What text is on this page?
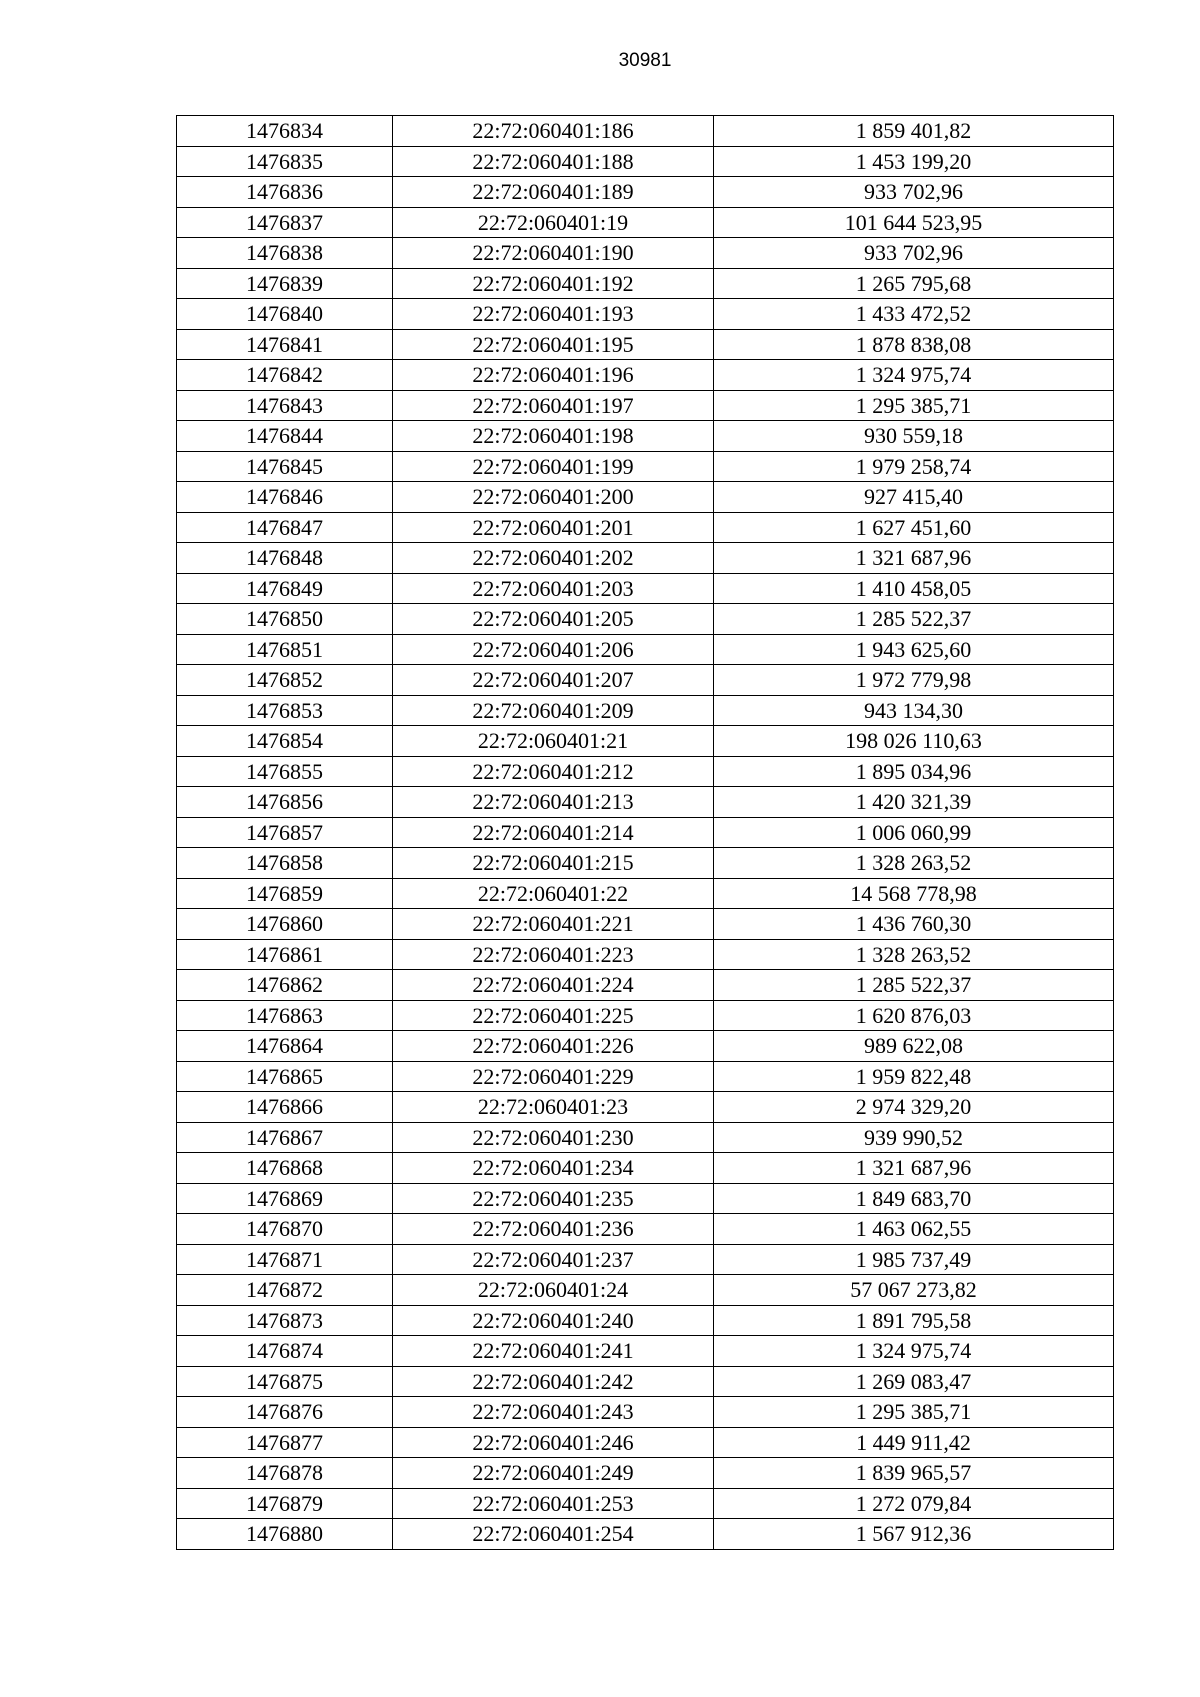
30981
1476834	22:72:060401:186	1 859 401,82
1476835	22:72:060401:188	1 453 199,20
1476836	22:72:060401:189	933 702,96
1476837	22:72:060401:19	101 644 523,95
1476838	22:72:060401:190	933 702,96
1476839	22:72:060401:192	1 265 795,68
1476840	22:72:060401:193	1 433 472,52
1476841	22:72:060401:195	1 878 838,08
1476842	22:72:060401:196	1 324 975,74
1476843	22:72:060401:197	1 295 385,71
1476844	22:72:060401:198	930 559,18
1476845	22:72:060401:199	1 979 258,74
1476846	22:72:060401:200	927 415,40
1476847	22:72:060401:201	1 627 451,60
1476848	22:72:060401:202	1 321 687,96
1476849	22:72:060401:203	1 410 458,05
1476850	22:72:060401:205	1 285 522,37
1476851	22:72:060401:206	1 943 625,60
1476852	22:72:060401:207	1 972 779,98
1476853	22:72:060401:209	943 134,30
1476854	22:72:060401:21	198 026 110,63
1476855	22:72:060401:212	1 895 034,96
1476856	22:72:060401:213	1 420 321,39
1476857	22:72:060401:214	1 006 060,99
1476858	22:72:060401:215	1 328 263,52
1476859	22:72:060401:22	14 568 778,98
1476860	22:72:060401:221	1 436 760,30
1476861	22:72:060401:223	1 328 263,52
1476862	22:72:060401:224	1 285 522,37
1476863	22:72:060401:225	1 620 876,03
1476864	22:72:060401:226	989 622,08
1476865	22:72:060401:229	1 959 822,48
1476866	22:72:060401:23	2 974 329,20
1476867	22:72:060401:230	939 990,52
1476868	22:72:060401:234	1 321 687,96
1476869	22:72:060401:235	1 849 683,70
1476870	22:72:060401:236	1 463 062,55
1476871	22:72:060401:237	1 985 737,49
1476872	22:72:060401:24	57 067 273,82
1476873	22:72:060401:240	1 891 795,58
1476874	22:72:060401:241	1 324 975,74
1476875	22:72:060401:242	1 269 083,47
1476876	22:72:060401:243	1 295 385,71
1476877	22:72:060401:246	1 449 911,42
1476878	22:72:060401:249	1 839 965,57
1476879	22:72:060401:253	1 272 079,84
1476880	22:72:060401:254	1 567 912,36
